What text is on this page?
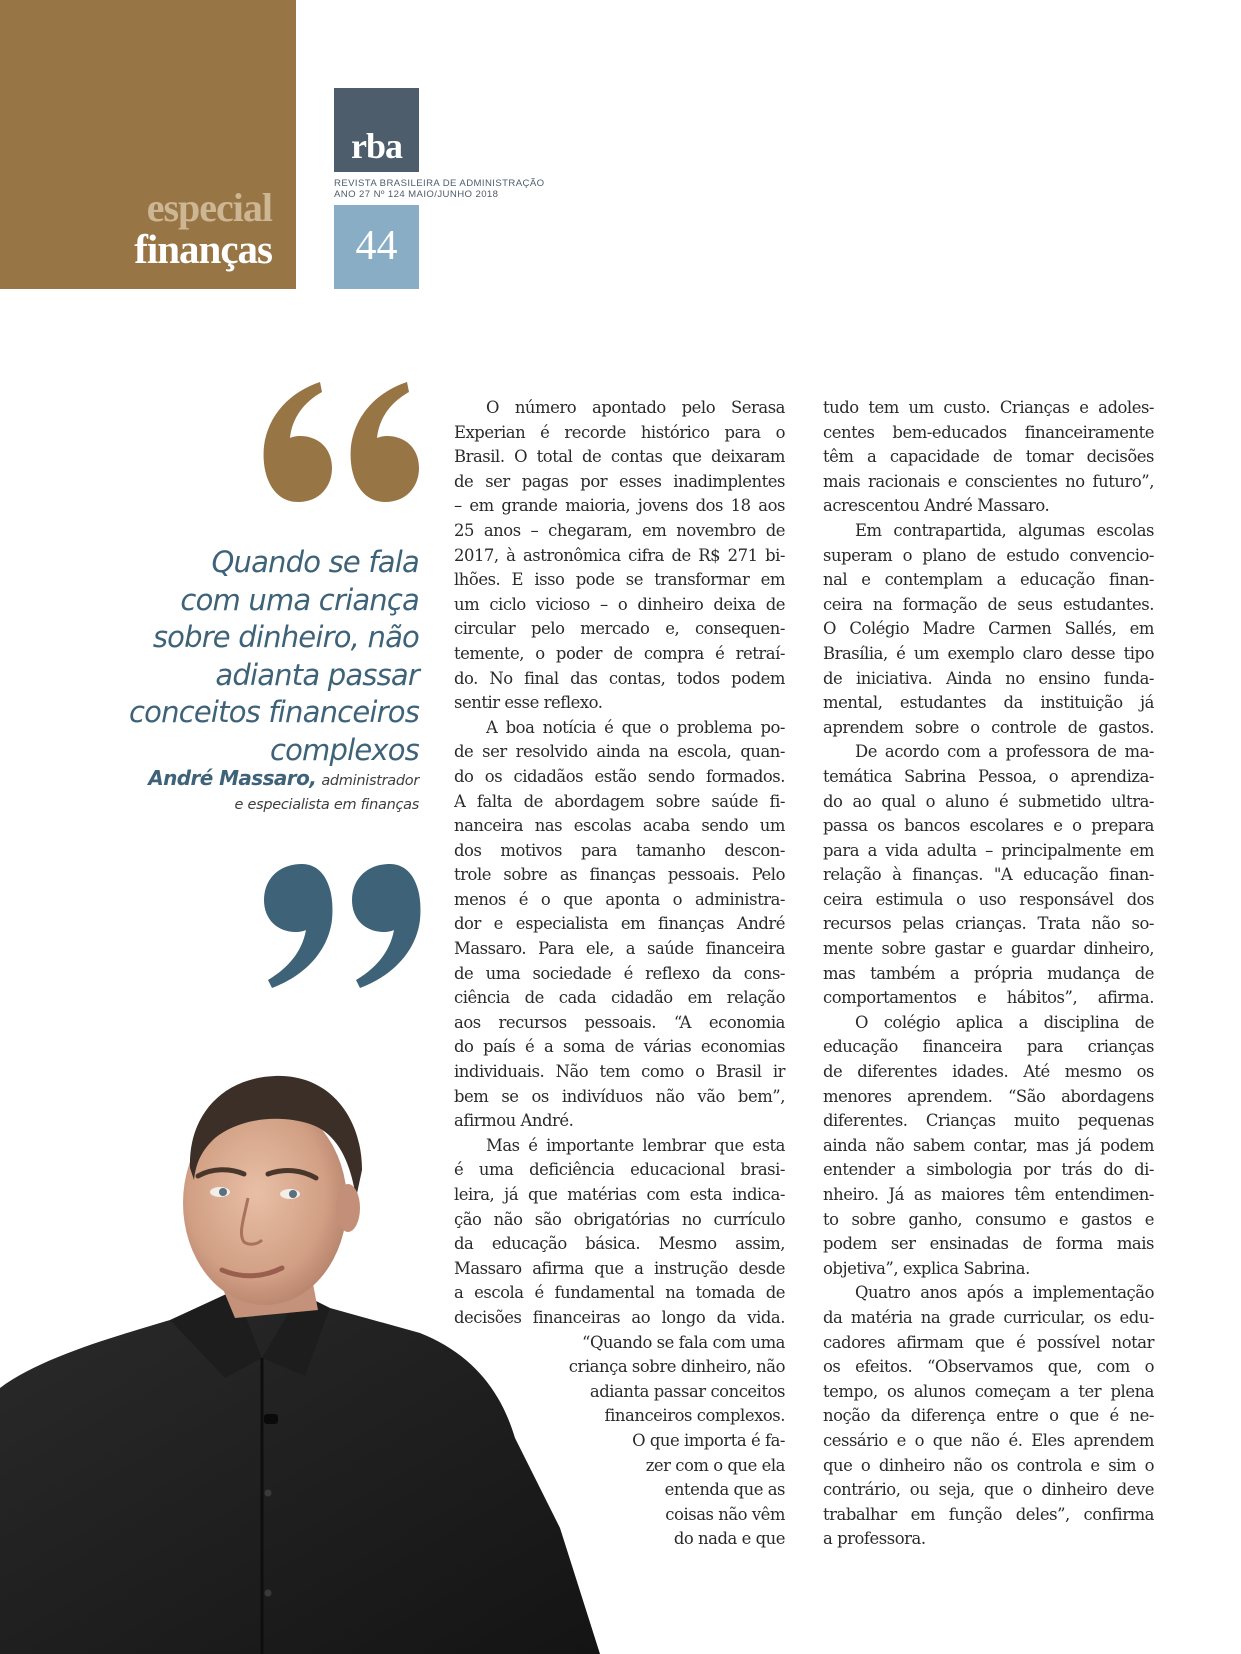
especial
finanças
rba
REVISTA BRASILEIRA DE ADMINISTRAÇÃO
ANO 27 Nº 124 MAIO/JUNHO 2018
44
Quando se fala
com uma criança
sobre dinheiro, não
adianta passar
conceitos financeiros
complexos
André Massaro, administrador
e especialista em finanças
O número apontado pelo Serasa
Experian é recorde histórico para o
Brasil. O total de contas que deixaram
de ser pagas por esses inadimplentes
– em grande maioria, jovens dos 18 aos
25 anos – chegaram, em novembro de
2017, à astronômica cifra de R$ 271 bi-
lhões. E isso pode se transformar em
um ciclo vicioso – o dinheiro deixa de
circular pelo mercado e, consequen-
temente, o poder de compra é retraí-
do. No final das contas, todos podem
sentir esse reflexo.
A boa notícia é que o problema po-
de ser resolvido ainda na escola, quan-
do os cidadãos estão sendo formados.
A falta de abordagem sobre saúde fi-
nanceira nas escolas acaba sendo um
dos motivos para tamanho descon-
trole sobre as finanças pessoais. Pelo
menos é o que aponta o administra-
dor e especialista em finanças André
Massaro. Para ele, a saúde financeira
de uma sociedade é reflexo da cons-
ciência de cada cidadão em relação
aos recursos pessoais. “A economia
do país é a soma de várias economias
individuais. Não tem como o Brasil ir
bem se os indivíduos não vão bem”,
afirmou André.
Mas é importante lembrar que esta
é uma deficiência educacional brasi-
leira, já que matérias com esta indica-
ção não são obrigatórias no currículo
da educação básica. Mesmo assim,
Massaro afirma que a instrução desde
a escola é fundamental na tomada de
decisões financeiras ao longo da vida.
“Quando se fala com uma
criança sobre dinheiro, não
adianta passar conceitos
financeiros complexos.
O que importa é fa-
zer com o que ela
entenda que as
coisas não vêm
do nada e que
tudo tem um custo. Crianças e adoles-
centes bem-educados financeiramente
têm a capacidade de tomar decisões
mais racionais e conscientes no futuro”,
acrescentou André Massaro.
Em contrapartida, algumas escolas
superam o plano de estudo convencio-
nal e contemplam a educação finan-
ceira na formação de seus estudantes.
O Colégio Madre Carmen Sallés, em
Brasília, é um exemplo claro desse tipo
de iniciativa. Ainda no ensino funda-
mental, estudantes da instituição já
aprendem sobre o controle de gastos.
De acordo com a professora de ma-
temática Sabrina Pessoa, o aprendiza-
do ao qual o aluno é submetido ultra-
passa os bancos escolares e o prepara
para a vida adulta – principalmente em
relação à finanças. "A educação finan-
ceira estimula o uso responsável dos
recursos pelas crianças. Trata não so-
mente sobre gastar e guardar dinheiro,
mas também a própria mudança de
comportamentos e hábitos”, afirma.
O colégio aplica a disciplina de
educação financeira para crianças
de diferentes idades. Até mesmo os
menores aprendem. “São abordagens
diferentes. Crianças muito pequenas
ainda não sabem contar, mas já podem
entender a simbologia por trás do di-
nheiro. Já as maiores têm entendimen-
to sobre ganho, consumo e gastos e
podem ser ensinadas de forma mais
objetiva”, explica Sabrina.
Quatro anos após a implementação
da matéria na grade curricular, os edu-
cadores afirmam que é possível notar
os efeitos. “Observamos que, com o
tempo, os alunos começam a ter plena
noção da diferença entre o que é ne-
cessário e o que não é. Eles aprendem
que o dinheiro não os controla e sim o
contrário, ou seja, que o dinheiro deve
trabalhar em função deles”, confirma
a professora.
